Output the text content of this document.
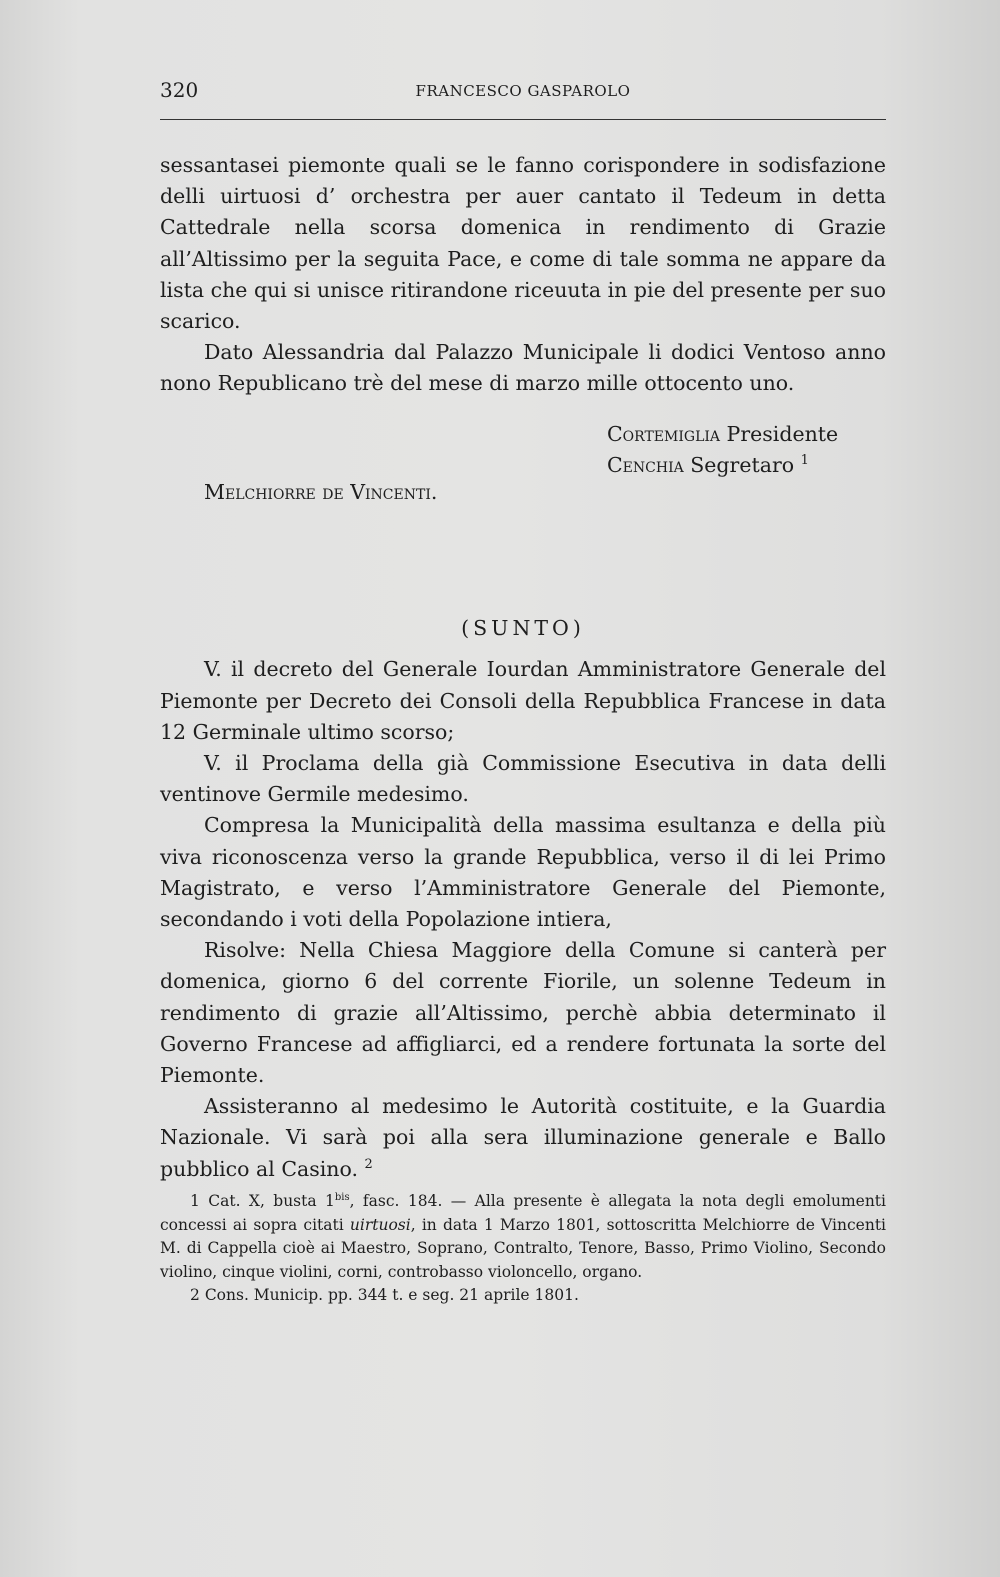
320	FRANCESCO GASPAROLO

sessantasei piemonte quali se le fanno corispondere in sodisfazione delli uirtuosi d’ orchestra per auer cantato il Tedeum in detta Cattedrale nella scorsa domenica in rendimento di Grazie all’Altissimo per la seguita Pace, e come di tale somma ne appare da lista che qui si unisce ritirandone riceuuta in pie del presente per suo scarico.

Dato Alessandria dal Palazzo Municipale li dodici Ventoso anno nono Republicano trè del mese di marzo mille ottocento uno.

Cortemiglia Presidente

Cenchia Segretaro $^1$

Melchiorre de Vincenti.

(SUNTO)

V. il decreto del Generale Iourdan Amministratore Generale del Piemonte per Decreto dei Consoli della Repubblica Francese in data 12 Germinale ultimo scorso;

V. il Proclama della già Commissione Esecutiva in data delli ventinove Germile medesimo.

Compresa la Municipalità della massima esultanza e della più viva riconoscenza verso la grande Repubblica, verso il di lei Primo Magistrato, e verso l’Amministratore Generale del Piemonte, secondando i voti della Popolazione intiera,

Risolve: Nella Chiesa Maggiore della Comune si canterà per domenica, giorno 6 del corrente Fiorile, un solenne Tedeum in rendimento di grazie all’Altissimo, perchè abbia determinato il Governo Francese ad affigliarci, ed a rendere fortunata la sorte del Piemonte.

Assisteranno al medesimo le Autorità costituite, e la Guardia Nazionale. Vi sarà poi alla sera illuminazione generale e Ballo pubblico al Casino. $^2$

1 Cat. X, busta $1^{bis}$, fasc. 184. — Alla presente è allegata la nota degli emolumenti concessi ai sopra citati uirtuosi, in data 1 Marzo 1801, sottoscritta Melchiorre de Vincenti M. di Cappella cioè ai Maestro, Soprano, Contralto, Tenore, Basso, Primo Violino, Secondo violino, cinque violini, corni, controbasso violoncello, organo.

2 Cons. Municip. pp. 344 t. e seg. 21 aprile 1801.
